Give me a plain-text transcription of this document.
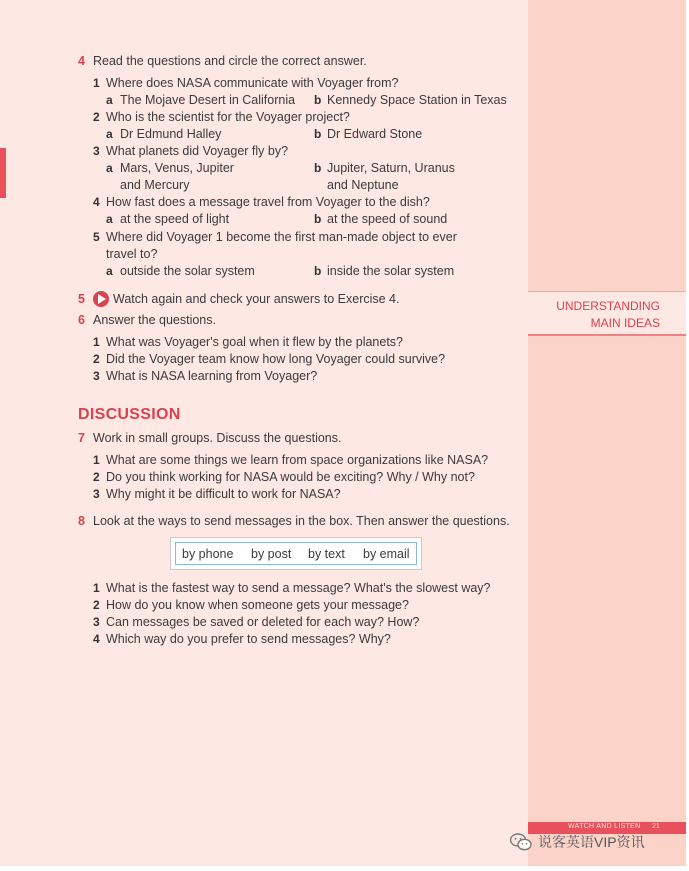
4 Read the questions and circle the correct answer.
1 Where does NASA communicate with Voyager from?
a The Mojave Desert in California b Kennedy Space Station in Texas
2 Who is the scientist for the Voyager project?
a Dr Edmund Halley	b Dr Edward Stone
3 What planets did Voyager fly by?
a Mars, Venus, Jupiter
and Mercury
b Jupiter, Saturn, Uranus
and Neptune
4 How fast does a message travel from Voyager to the dish?
a at the speed of light	b at the speed of sound
5 Where did Voyager 1 become the first man-made object to ever
travel to?
a outside the solar system	b inside the solar system
5 Watch again and check your answers to Exercise 4.	UNDERSTANDING
MAIN IDEAS
6 Answer the questions.
1 What was Voyager's goal when it flew by the planets?
2 Did the Voyager team know how long Voyager could survive?
3 What is NASA learning from Voyager?
DISCUSSION
7 Work in small groups. Discuss the questions.
1 What are some things we learn from space organizations like NASA?
2 Do you think working for NASA would be exciting? Why / Why not?
3 Why might it be difficult to work for NASA?
8 Look at the ways to send messages in the box. Then answer the questions.
by phone by post by text by email
1 What is the fastest way to send a message? What's the slowest way?
2 How do you know when someone gets your message?
3 Can messages be saved or deleted for each way? How?
4 Which way do you prefer to send messages? Why?
WATCH AND LISTEN 21
说客英语VIP资讯
